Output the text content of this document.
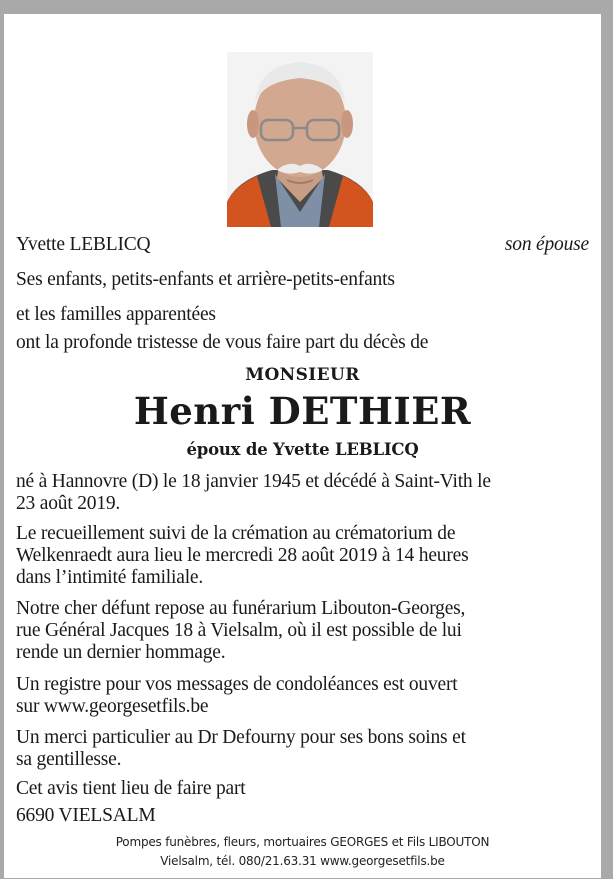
Yvette LEBLICQ	son épouse
Ses enfants, petits-enfants et arrière-petits-enfants
et les familles apparentées
ont la profonde tristesse de vous faire part du décès de
MONSIEUR
Henri DETHIER
époux de Yvette LEBLICQ
né à Hannovre (D) le 18 janvier 1945 et décédé à Saint-Vith le
23 août 2019.
Le recueillement suivi de la crémation au crématorium de
Welkenraedt aura lieu le mercredi 28 août 2019 à 14 heures
dans l’intimité familiale.
Notre cher défunt repose au funérarium Libouton-Georges,
rue Général Jacques 18 à Vielsalm, où il est possible de lui
rende un dernier hommage.
Un registre pour vos messages de condoléances est ouvert
sur www.georgesetfils.be
Un merci particulier au Dr Defourny pour ses bons soins et
sa gentillesse.
Cet avis tient lieu de faire part
6690 VIELSALM
Pompes funèbres, fleurs, mortuaires GEORGES et Fils LIBOUTON
Vielsalm, tél. 080/21.63.31 www.georgesetfils.be
